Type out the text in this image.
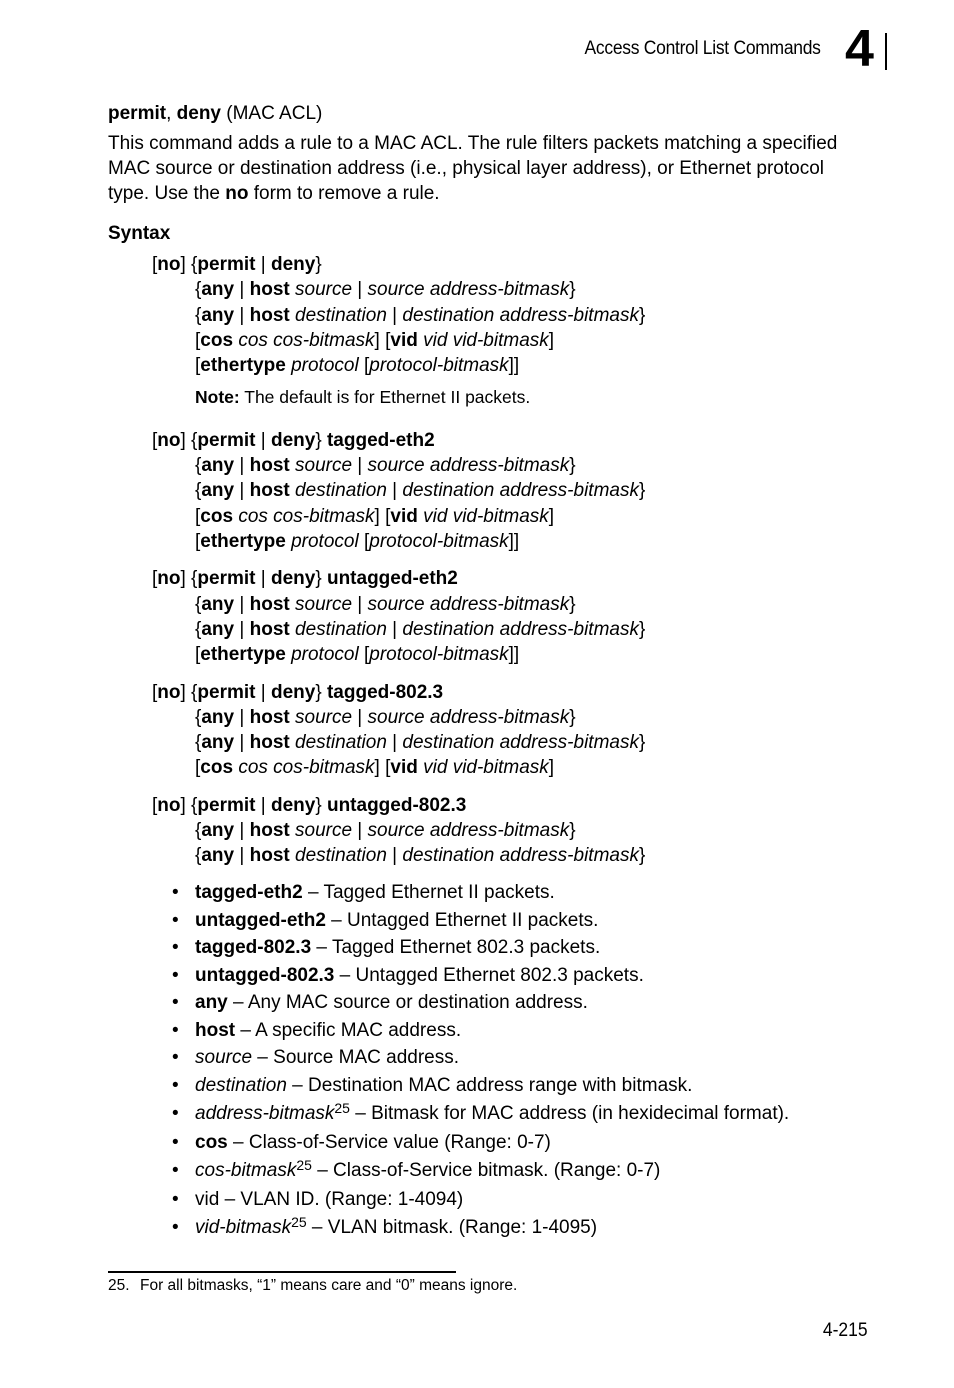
Access Control List Commands 4
permit, deny (MAC ACL)
This command adds a rule to a MAC ACL. The rule filters packets matching a specified MAC source or destination address (i.e., physical layer address), or Ethernet protocol type. Use the no form to remove a rule.
Syntax
[no] {permit | deny}
{any | host source | source address-bitmask}
{any | host destination | destination address-bitmask}
[cos cos cos-bitmask] [vid vid vid-bitmask]
[ethertype protocol [protocol-bitmask]]
Note: The default is for Ethernet II packets.
[no] {permit | deny} tagged-eth2
{any | host source | source address-bitmask}
{any | host destination | destination address-bitmask}
[cos cos cos-bitmask] [vid vid vid-bitmask]
[ethertype protocol [protocol-bitmask]]
[no] {permit | deny} untagged-eth2
{any | host source | source address-bitmask}
{any | host destination | destination address-bitmask}
[ethertype protocol [protocol-bitmask]]
[no] {permit | deny} tagged-802.3
{any | host source | source address-bitmask}
{any | host destination | destination address-bitmask}
[cos cos cos-bitmask] [vid vid vid-bitmask]
[no] {permit | deny} untagged-802.3
{any | host source | source address-bitmask}
{any | host destination | destination address-bitmask}
• tagged-eth2 – Tagged Ethernet II packets.
• untagged-eth2 – Untagged Ethernet II packets.
• tagged-802.3 – Tagged Ethernet 802.3 packets.
• untagged-802.3 – Untagged Ethernet 802.3 packets.
• any – Any MAC source or destination address.
• host – A specific MAC address.
• source – Source MAC address.
• destination – Destination MAC address range with bitmask.
• address-bitmask$^{25}$ – Bitmask for MAC address (in hexidecimal format).
• cos – Class-of-Service value (Range: 0-7)
• cos-bitmask$^{25}$ – Class-of-Service bitmask. (Range: 0-7)
• vid – VLAN ID. (Range: 1-4094)
• vid-bitmask$^{25}$ – VLAN bitmask. (Range: 1-4095)
25. For all bitmasks, “1” means care and “0” means ignore.
4-215
